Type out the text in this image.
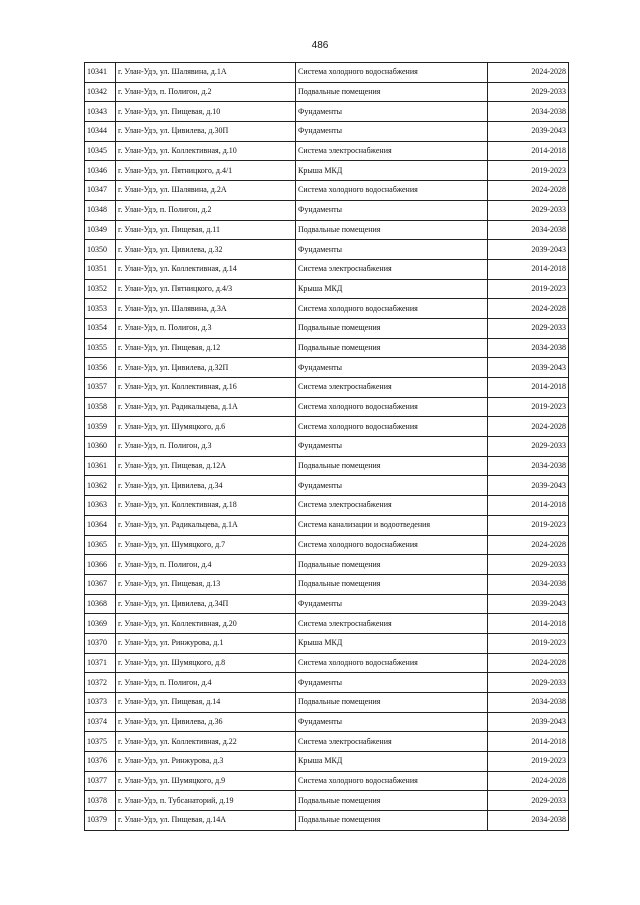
486
10341	г. Улан-Удэ, ул. Шалявина, д.1А	Система холодного водоснабжения	2024-2028
10342	г. Улан-Удэ, п. Полигон, д.2	Подвальные помещения	2029-2033
10343	г. Улан-Удэ, ул. Пищевая, д.10	Фундаменты	2034-2038
10344	г. Улан-Удэ, ул. Цивилева, д.30П	Фундаменты	2039-2043
10345	г. Улан-Удэ, ул. Коллективная, д.10	Система электроснабжения	2014-2018
10346	г. Улан-Удэ, ул. Пятницкого, д.4/1	Крыша МКД	2019-2023
10347	г. Улан-Удэ, ул. Шалявина, д.2А	Система холодного водоснабжения	2024-2028
10348	г. Улан-Удэ, п. Полигон, д.2	Фундаменты	2029-2033
10349	г. Улан-Удэ, ул. Пищевая, д.11	Подвальные помещения	2034-2038
10350	г. Улан-Удэ, ул. Цивилева, д.32	Фундаменты	2039-2043
10351	г. Улан-Удэ, ул. Коллективная, д.14	Система электроснабжения	2014-2018
10352	г. Улан-Удэ, ул. Пятницкого, д.4/3	Крыша МКД	2019-2023
10353	г. Улан-Удэ, ул. Шалявина, д.3А	Система холодного водоснабжения	2024-2028
10354	г. Улан-Удэ, п. Полигон, д.3	Подвальные помещения	2029-2033
10355	г. Улан-Удэ, ул. Пищевая, д.12	Подвальные помещения	2034-2038
10356	г. Улан-Удэ, ул. Цивилева, д.32П	Фундаменты	2039-2043
10357	г. Улан-Удэ, ул. Коллективная, д.16	Система электроснабжения	2014-2018
10358	г. Улан-Удэ, ул. Радикальцева, д.1А	Система холодного водоснабжения	2019-2023
10359	г. Улан-Удэ, ул. Шумяцкого, д.6	Система холодного водоснабжения	2024-2028
10360	г. Улан-Удэ, п. Полигон, д.3	Фундаменты	2029-2033
10361	г. Улан-Удэ, ул. Пищевая, д.12А	Подвальные помещения	2034-2038
10362	г. Улан-Удэ, ул. Цивилева, д.34	Фундаменты	2039-2043
10363	г. Улан-Удэ, ул. Коллективная, д.18	Система электроснабжения	2014-2018
10364	г. Улан-Удэ, ул. Радикальцева, д.1А	Система канализации и водоотведения	2019-2023
10365	г. Улан-Удэ, ул. Шумяцкого, д.7	Система холодного водоснабжения	2024-2028
10366	г. Улан-Удэ, п. Полигон, д.4	Подвальные помещения	2029-2033
10367	г. Улан-Удэ, ул. Пищевая, д.13	Подвальные помещения	2034-2038
10368	г. Улан-Удэ, ул. Цивилева, д.34П	Фундаменты	2039-2043
10369	г. Улан-Удэ, ул. Коллективная, д.20	Система электроснабжения	2014-2018
10370	г. Улан-Удэ, ул. Ринжурова, д.1	Крыша МКД	2019-2023
10371	г. Улан-Удэ, ул. Шумяцкого, д.8	Система холодного водоснабжения	2024-2028
10372	г. Улан-Удэ, п. Полигон, д.4	Фундаменты	2029-2033
10373	г. Улан-Удэ, ул. Пищевая, д.14	Подвальные помещения	2034-2038
10374	г. Улан-Удэ, ул. Цивилева, д.36	Фундаменты	2039-2043
10375	г. Улан-Удэ, ул. Коллективная, д.22	Система электроснабжения	2014-2018
10376	г. Улан-Удэ, ул. Ринжурова, д.3	Крыша МКД	2019-2023
10377	г. Улан-Удэ, ул. Шумяцкого, д.9	Система холодного водоснабжения	2024-2028
10378	г. Улан-Удэ, п. Тубсанаторий, д.19	Подвальные помещения	2029-2033
10379	г. Улан-Удэ, ул. Пищевая, д.14А	Подвальные помещения	2034-2038
